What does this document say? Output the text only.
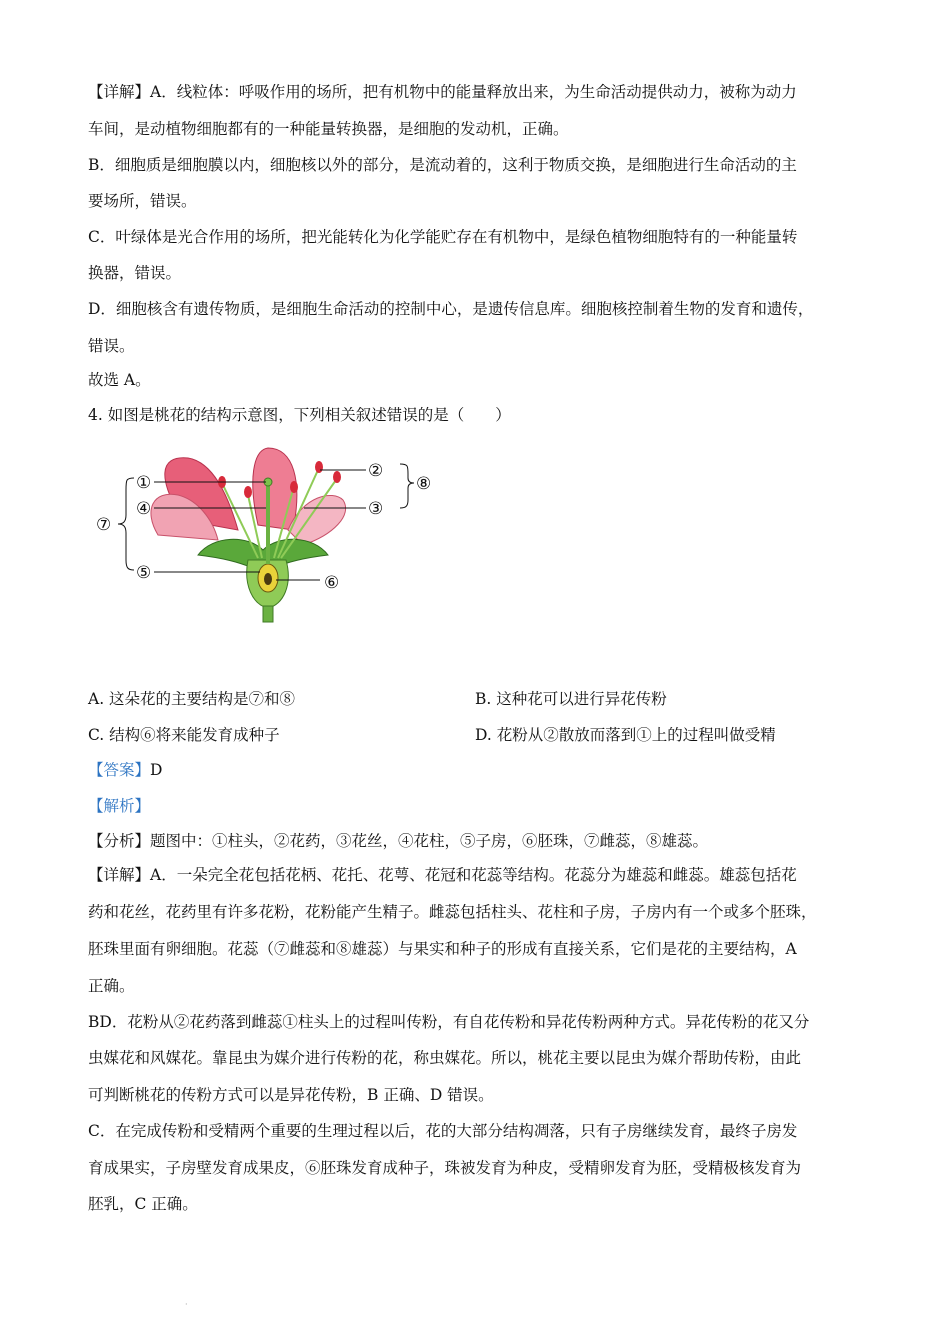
【详解】A．线粒体：呼吸作用的场所，把有机物中的能量释放出来，为生命活动提供动力，被称为动力
车间，是动植物细胞都有的一种能量转换器，是细胞的发动机，正确。
B．细胞质是细胞膜以内，细胞核以外的部分，是流动着的，这利于物质交换，是细胞进行生命活动的主
要场所，错误。
C．叶绿体是光合作用的场所，把光能转化为化学能贮存在有机物中，是绿色植物细胞特有的一种能量转
换器，错误。
D．细胞核含有遗传物质，是细胞生命活动的控制中心，是遗传信息库。细胞核控制着生物的发育和遗传，
错误。
故选 A。
4. 如图是桃花的结构示意图，下列相关叙述错误的是（　　）
①
②
③
④
⑤	⑥
⑦
⑧
A. 这朵花的主要结构是⑦和⑧	B. 这种花可以进行异花传粉
C. 结构⑥将来能发育成种子	D. 花粉从②散放而落到①上的过程叫做受精
【答案】D
【解析】
【分析】题图中：①柱头，②花药，③花丝，④花柱，⑤子房，⑥胚珠，⑦雌蕊，⑧雄蕊。
【详解】A．一朵完全花包括花柄、花托、花萼、花冠和花蕊等结构。花蕊分为雄蕊和雌蕊。雄蕊包括花
药和花丝，花药里有许多花粉，花粉能产生精子。雌蕊包括柱头、花柱和子房，子房内有一个或多个胚珠，
胚珠里面有卵细胞。花蕊（⑦雌蕊和⑧雄蕊）与果实和种子的形成有直接关系，它们是花的主要结构，A
正确。
BD．花粉从②花药落到雌蕊①柱头上的过程叫传粉，有自花传粉和异花传粉两种方式。异花传粉的花又分
虫媒花和风媒花。靠昆虫为媒介进行传粉的花，称虫媒花。所以，桃花主要以昆虫为媒介帮助传粉，由此
可判断桃花的传粉方式可以是异花传粉，B 正确、D 错误。
C．在完成传粉和受精两个重要的生理过程以后，花的大部分结构凋落，只有子房继续发育，最终子房发
育成果实，子房壁发育成果皮，⑥胚珠发育成种子，珠被发育为种皮，受精卵发育为胚，受精极核发育为
胚乳，C 正确。
·
